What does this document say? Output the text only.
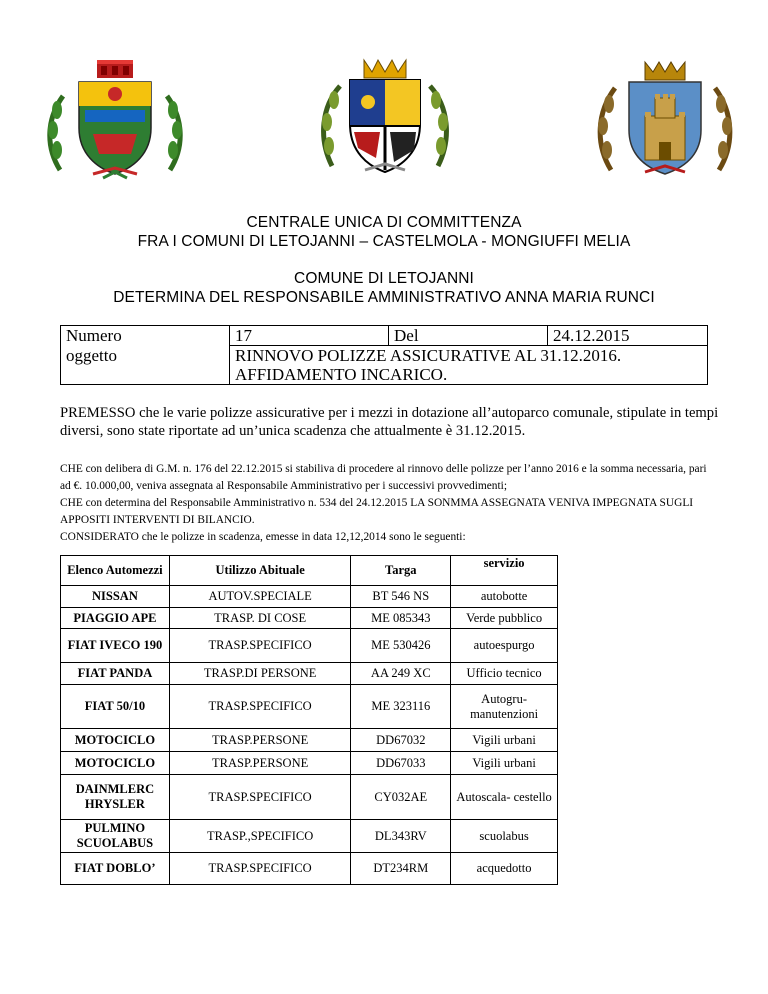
CENTRALE UNICA DI COMMITTENZA
FRA I COMUNI DI LETOJANNI – CASTELMOLA - MONGIUFFI MELIA
COMUNE DI LETOJANNI
DETERMINA DEL RESPONSABILE AMMINISTRATIVO ANNA MARIA RUNCI
Numero	17	Del	24.12.2015
oggetto	RINNOVO POLIZZE ASSICURATIVE AL 31.12.2016.
AFFIDAMENTO INCARICO.		
PREMESSO che le varie polizze assicurative per i mezzi in dotazione all’autoparco comunale, stipulate in tempi diversi, sono state riportate ad un’unica scadenza che attualmente è 31.12.2015.
CHE con delibera di G.M. n. 176 del 22.12.2015 si stabiliva di procedere al rinnovo delle polizze per l’anno 2016 e la somma necessaria, pari ad €. 10.000,00, veniva assegnata al Responsabile Amministrativo per i successivi provvedimenti;
CHE con determina del Responsabile Amministrativo n. 534 del 24.12.2015 LA SONMMA ASSEGNATA VENIVA IMPEGNATA SUGLI APPOSITI INTERVENTI DI BILANCIO.
CONSIDERATO che le polizze in scadenza, emesse in data 12,12,2014 sono le seguenti:
Elenco Automezzi	Utilizzo Abituale	Targa	servizio
NISSAN	AUTOV.SPECIALE	BT 546 NS	autobotte
PIAGGIO APE	TRASP. DI COSE	ME 085343	Verde pubblico
FIAT IVECO 190	TRASP.SPECIFICO	ME 530426	autoespurgo
FIAT PANDA	TRASP.DI PERSONE	AA 249 XC	Ufficio tecnico
FIAT 50/10	TRASP.SPECIFICO	ME 323116	Autogru- manutenzioni
MOTOCICLO	TRASP.PERSONE	DD67032	Vigili urbani
MOTOCICLO	TRASP.PERSONE	DD67033	Vigili urbani
DAINMLERC HRYSLER	TRASP.SPECIFICO	CY032AE	Autoscala- cestello
PULMINO SCUOLABUS	TRASP.,SPECIFICO	DL343RV	scuolabus
FIAT DOBLO’	TRASP.SPECIFICO	DT234RM	acquedotto
